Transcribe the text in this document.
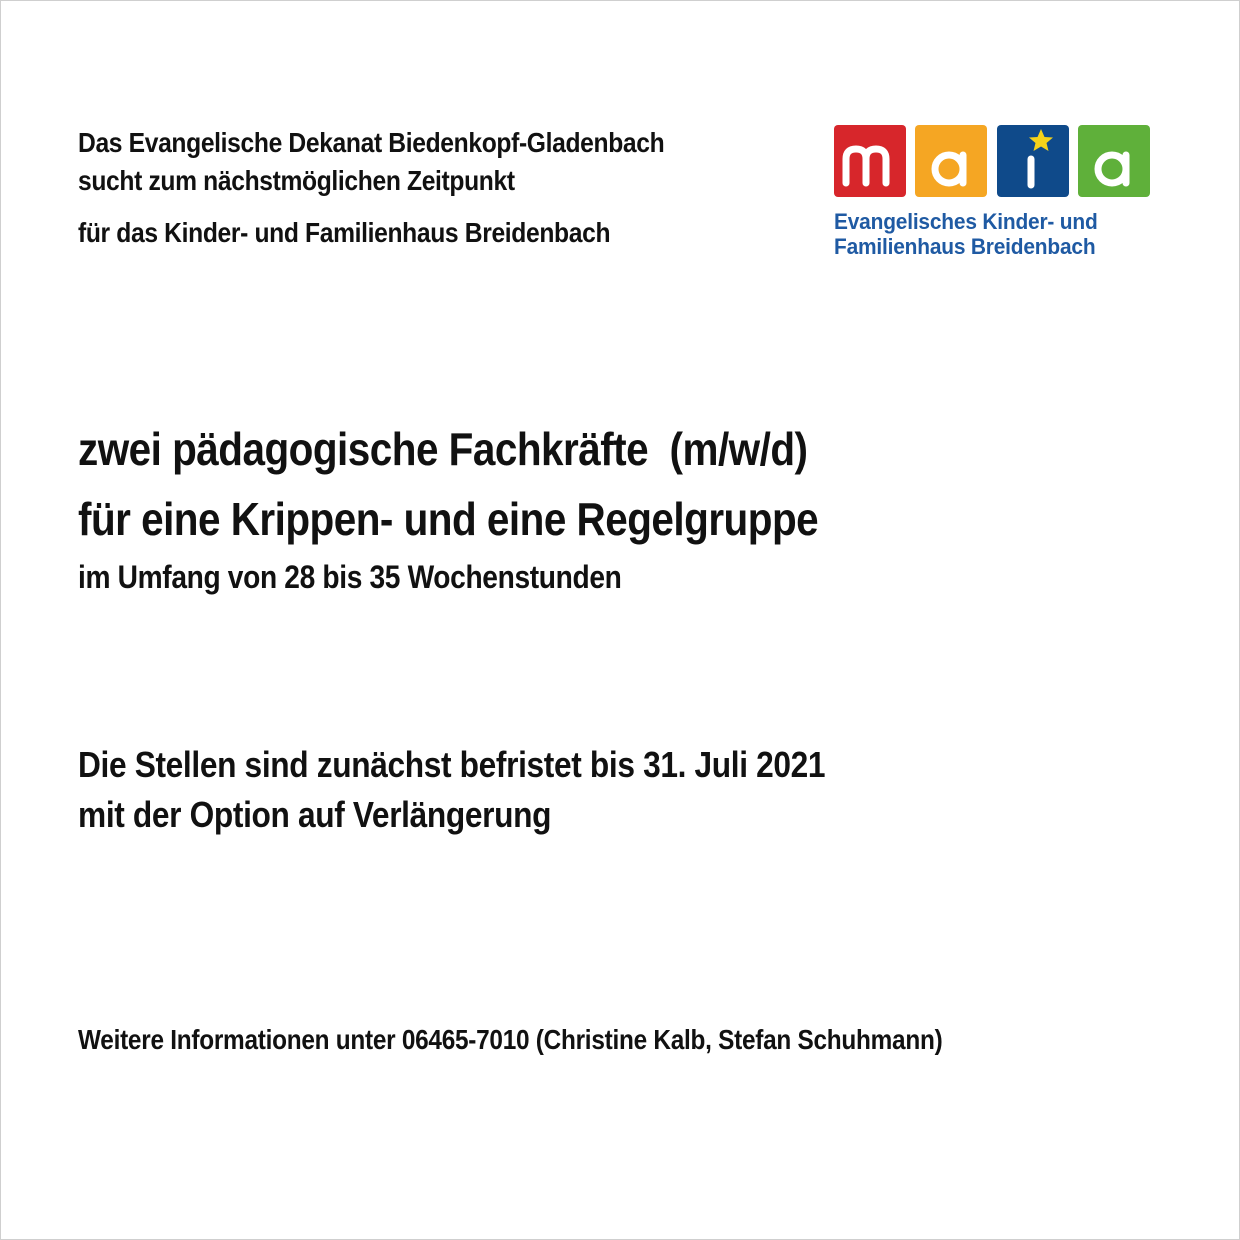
Das Evangelische Dekanat Biedenkopf-Gladenbach
sucht zum nächstmöglichen Zeitpunkt
für das Kinder- und Familienhaus Breidenbach	Evangelisches Kinder- und
Familienhaus Breidenbach
zwei pädagogische Fachkräfte  (m/w/d)
für eine Krippen- und eine Regelgruppe
im Umfang von 28 bis 35 Wochenstunden
Die Stellen sind zunächst befristet bis 31. Juli 2021
mit der Option auf Verlängerung
Weitere Informationen unter 06465-7010 (Christine Kalb, Stefan Schuhmann)
